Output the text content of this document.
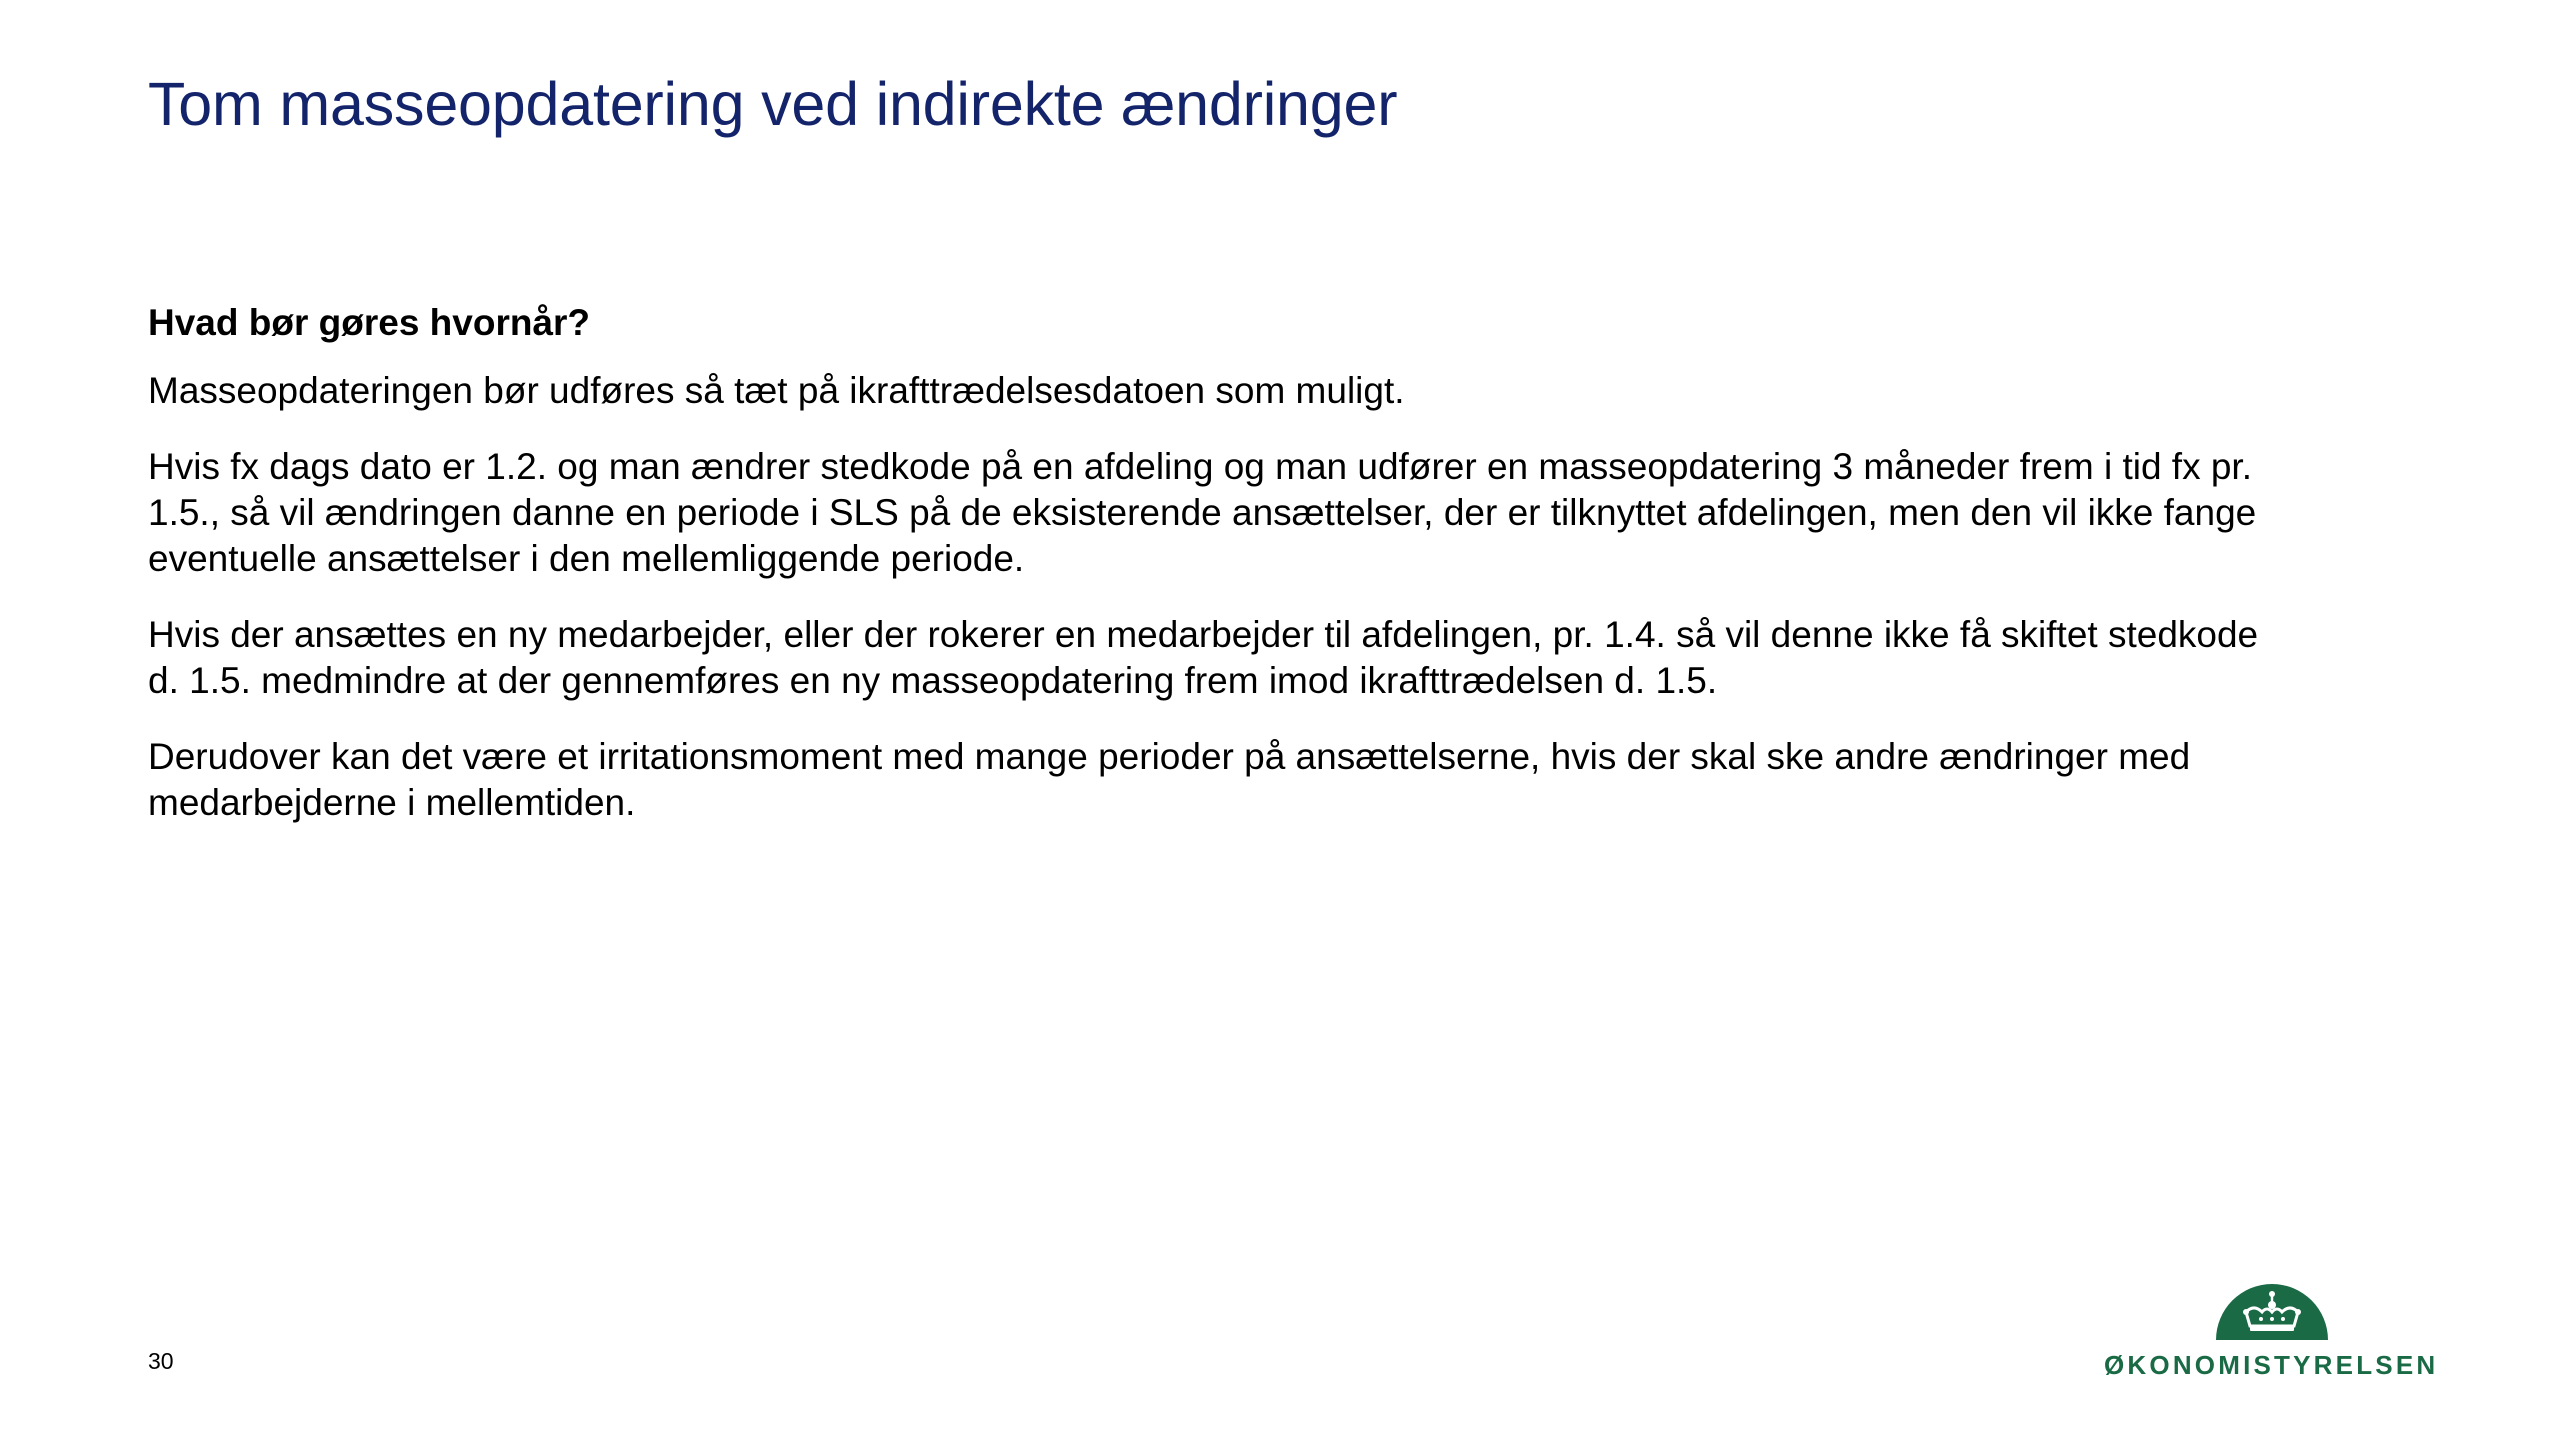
Tom masseopdatering ved indirekte ændringer

Hvad bør gøres hvornår?

Masseopdateringen bør udføres så tæt på ikrafttrædelsesdatoen som muligt.

Hvis fx dags dato er 1.2. og man ændrer stedkode på en afdeling og man udfører en masseopdatering 3 måneder frem i tid fx pr. 1.5., så vil ændringen danne en periode i SLS på de eksisterende ansættelser, der er tilknyttet afdelingen, men den vil ikke fange eventuelle ansættelser i den mellemliggende periode.

Hvis der ansættes en ny medarbejder, eller der rokerer en medarbejder til afdelingen, pr. 1.4. så vil denne ikke få skiftet stedkode d. 1.5. medmindre at der gennemføres en ny masseopdatering frem imod ikrafttrædelsen d. 1.5.

Derudover kan det være et irritationsmoment med mange perioder på ansættelserne, hvis der skal ske andre ændringer med medarbejderne i mellemtiden.

30	ØKONOMISTYRELSEN
